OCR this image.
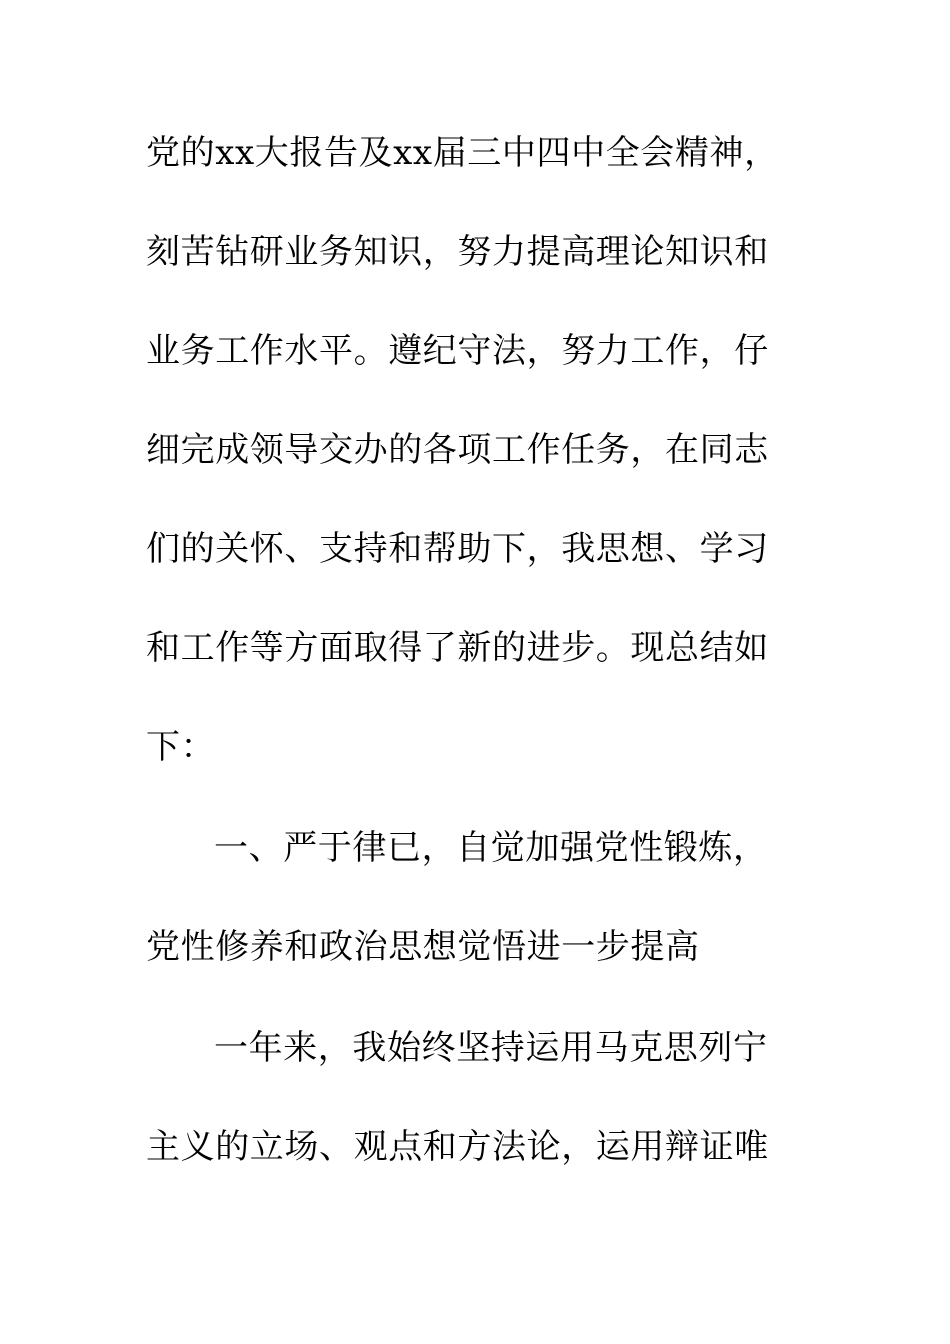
党的xx大报告及xx届三中四中全会精神，
刻苦钻研业务知识，努力提高理论知识和
业务工作水平。遵纪守法，努力工作，仔
细完成领导交办的各项工作任务，在同志
们的关怀、支持和帮助下，我思想、学习
和工作等方面取得了新的进步。现总结如
下：
一、严于律已，自觉加强党性锻炼，
党性修养和政治思想觉悟进一步提高
一年来，我始终坚持运用马克思列宁
主义的立场、观点和方法论，运用辩证唯
